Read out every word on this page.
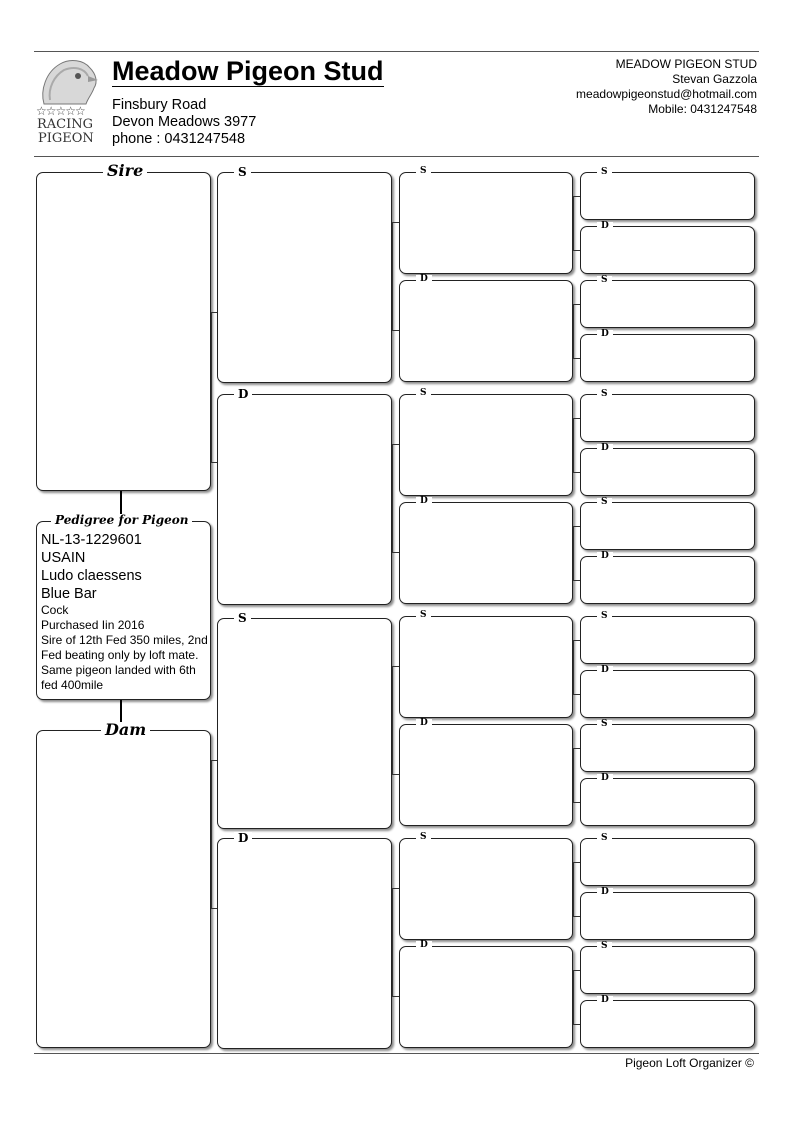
☆☆☆☆☆
RACING
PIGEON
Meadow Pigeon Stud
Finsbury Road
Devon Meadows 3977
phone : 0431247548
MEADOW PIGEON STUD
Stevan Gazzola
meadowpigeonstud@hotmail.com
Mobile: 0431247548
Sire
Pedigree for Pigeon
NL-13-1229601
USAIN
Ludo claessens
Blue Bar
Cock
Purchased Iin 2016
Sire of 12th Fed 350 miles, 2nd Fed beating only by loft mate. Same pigeon landed with 6th fed 400mile
Dam
S
D
S
D
S
D
S
D
S
D
S
D
S
D
S
D
S
D
S
D
S
D
S
D
S
D
S
D
Pigeon Loft Organizer ©
